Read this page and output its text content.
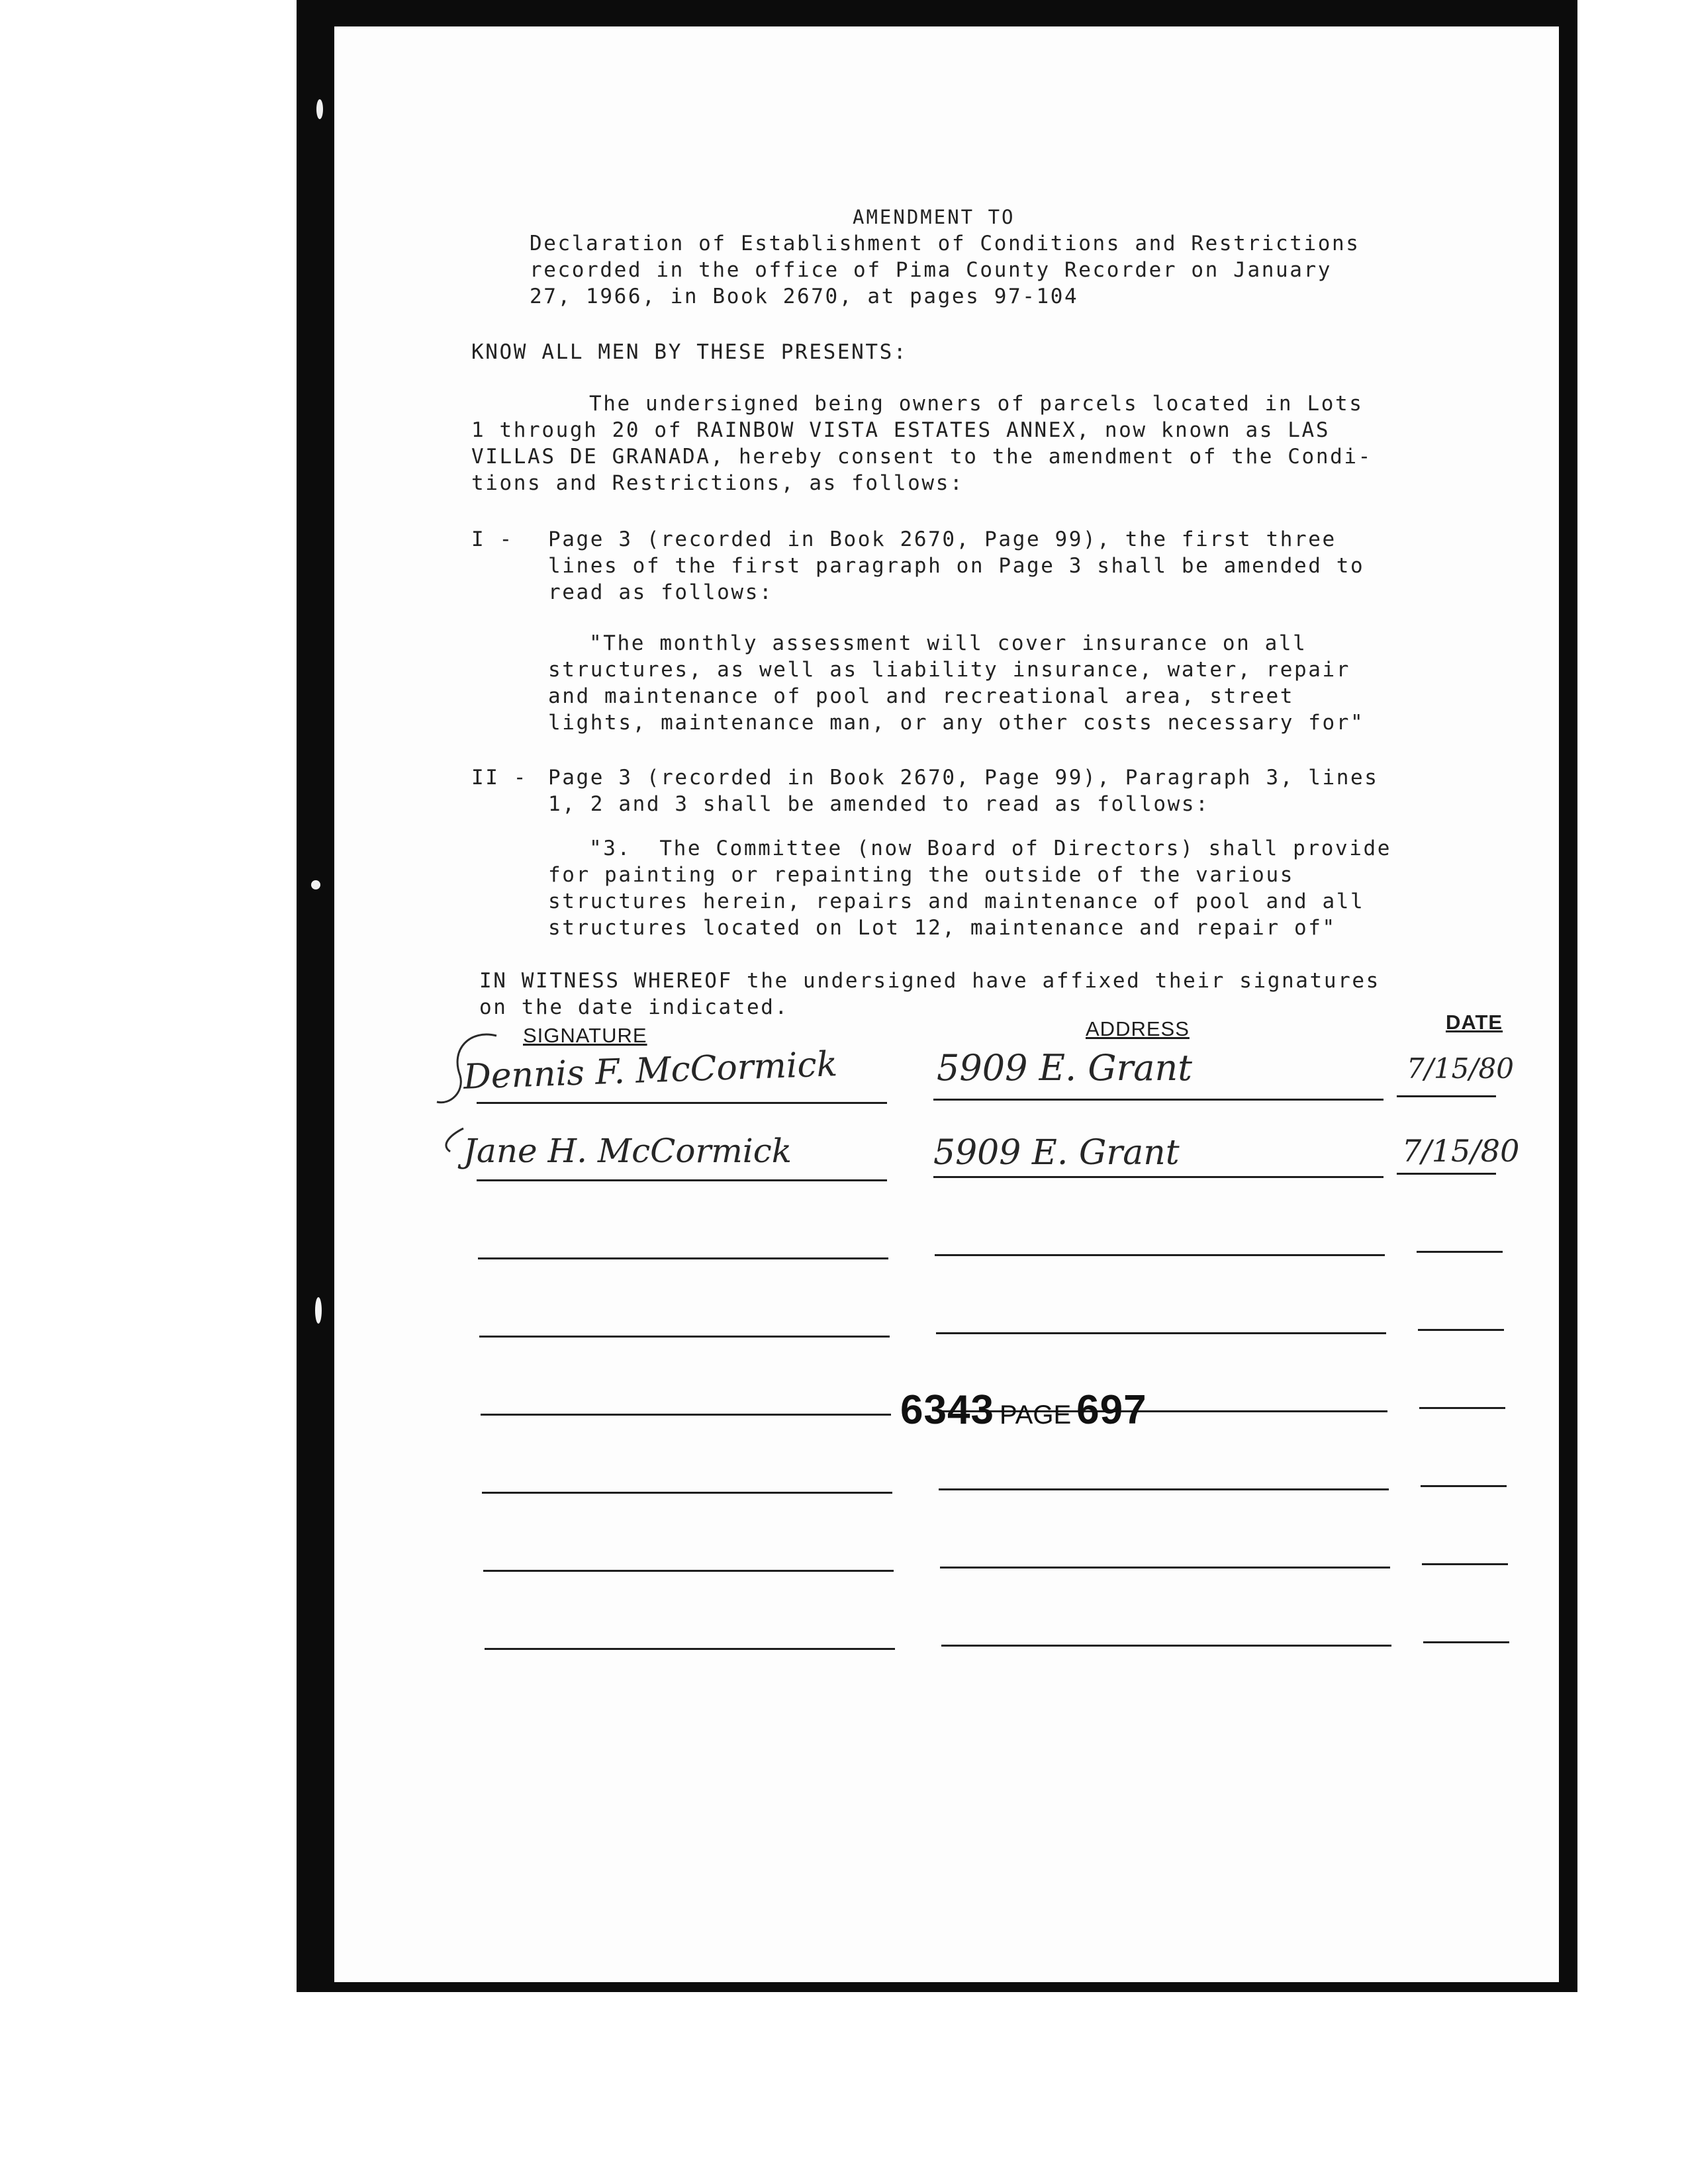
AMENDMENT TO
Declaration of Establishment of Conditions and Restrictions
recorded in the office of Pima County Recorder on January
27, 1966, in Book 2670, at pages 97-104
KNOW ALL MEN BY THESE PRESENTS:
The undersigned being owners of parcels located in Lots
1 through 20 of RAINBOW VISTA ESTATES ANNEX, now known as LAS
VILLAS DE GRANADA, hereby consent to the amendment of the Condi-
tions and Restrictions, as follows:
I - Page 3 (recorded in Book 2670, Page 99), the first three
lines of the first paragraph on Page 3 shall be amended to
read as follows:
"The monthly assessment will cover insurance on all
structures, as well as liability insurance, water, repair
and maintenance of pool and recreational area, street
lights, maintenance man, or any other costs necessary for"
II - Page 3 (recorded in Book 2670, Page 99), Paragraph 3, lines
1, 2 and 3 shall be amended to read as follows:
"3.  The Committee (now Board of Directors) shall provide
for painting or repainting the outside of the various
structures herein, repairs and maintenance of pool and all
structures located on Lot 12, maintenance and repair of"
IN WITNESS WHEREOF the undersigned have affixed their signatures
on the date indicated.
SIGNATURE	ADDRESS	DATE
Dennis F. McCormick	5909 E. Grant	7/15/80
Jane H. McCormick	5909 E. Grant	7/15/80
6343 PAGE 697
